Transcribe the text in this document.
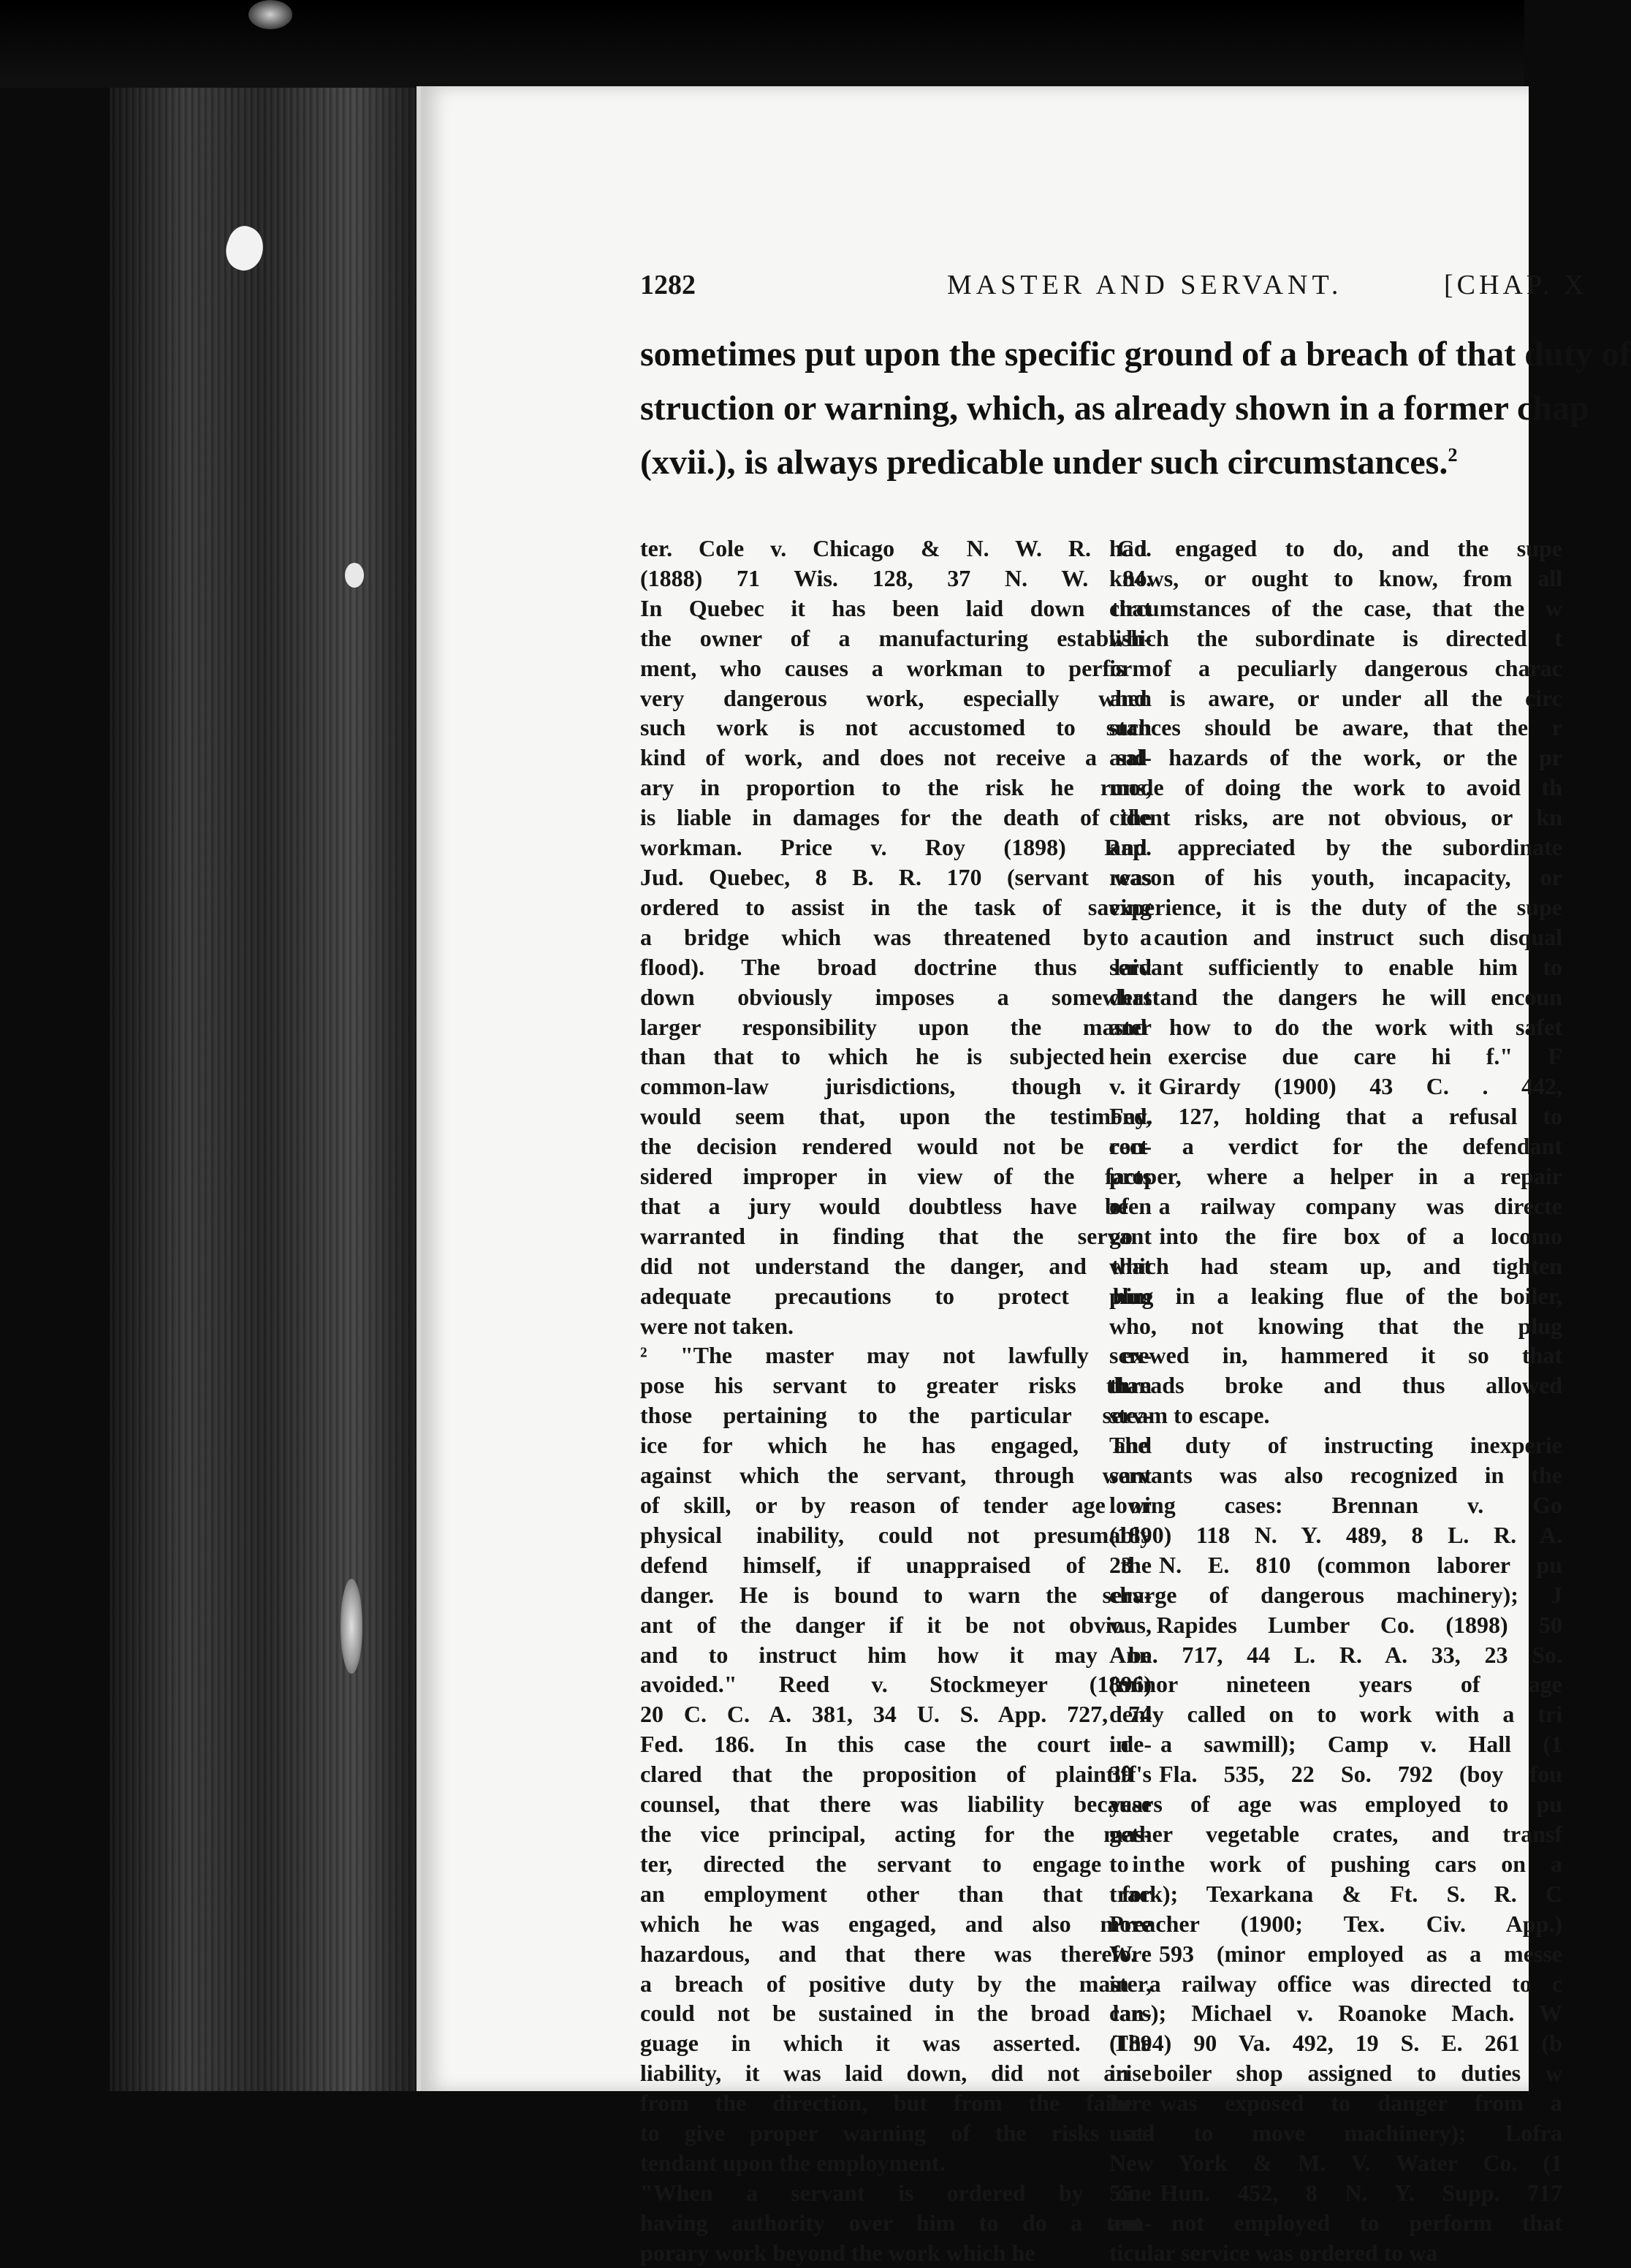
1282	MASTER AND SERVANT.	[CHAP. X
sometimes put upon the specific ground of a breach of that duty of
struction or warning, which, as already shown in a former chap
(xvii.), is always predicable under such circumstances.$^2$
ter. Cole v. Chicago & N. W. R. Co.
(1888) 71 Wis. 128, 37 N. W. 84.
In Quebec it has been laid down that
the owner of a manufacturing establish-
ment, who causes a workman to perform
very dangerous work, especially when
such work is not accustomed to such
kind of work, and does not receive a sal-
ary in proportion to the risk he runs,
is liable in damages for the death of the
workman. Price v. Roy (1898) Rap.
Jud. Quebec, 8 B. R. 170 (servant was
ordered to assist in the task of saving
a bridge which was threatened by a
flood). The broad doctrine thus laid
down obviously imposes a somewhat
larger responsibility upon the master
than that to which he is subjected in
common-law jurisdictions, though it
would seem that, upon the testimony,
the decision rendered would not be con-
sidered improper in view of the facts
that a jury would doubtless have been
warranted in finding that the servant
did not understand the danger, and that
adequate precautions to protect him
were not taken.
² "The master may not lawfully ex-
pose his servant to greater risks than
those pertaining to the particular serv-
ice for which he has engaged, and
against which the servant, through want
of skill, or by reason of tender age or
physical inability, could not presumably
defend himself, if unappraised of the
danger. He is bound to warn the serv-
ant of the danger if it be not obvious,
and to instruct him how it may be
avoided." Reed v. Stockmeyer (1896)
20 C. C. A. 381, 34 U. S. App. 727, 74
Fed. 186. In this case the court de-
clared that the proposition of plaintiff's
counsel, that there was liability because
the vice principal, acting for the mas-
ter, directed the servant to engage in
an employment other than that for
which he was engaged, and also more
hazardous, and that there was therefore
a breach of positive duty by the master,
could not be sustained in the broad lan-
guage in which it was asserted. The
liability, it was laid down, did not arise
from the direction, but from the failure
to give proper warning of the risks at-
tendant upon the employment.
"When a servant is ordered by one
having authority over him to do a tem-
porary work beyond the work which he
had engaged to do, and the supe
knows, or ought to know, from all
circumstances of the case, that the w
which the subordinate is directed t
is of a peculiarly dangerous charac
and is aware, or under all the circ
stances should be aware, that the r
and hazards of the work, or the pr
mode of doing the work to avoid th
cident risks, are not obvious, or kn
and appreciated by the subordinate
reason of his youth, incapacity, or
experience, it is the duty of the supe
to caution and instruct such disqual
servant sufficiently to enable him to
derstand the dangers he will encoun
and how to do the work with safet
he exercise due care hi f." F
v. Girardy (1900) 43 C. . 442,
Fed. 127, holding that a refusal to
rect a verdict for the defendant
proper, where a helper in a repair
of a railway company was directe
go into the fire box of a locomo
which had steam up, and tighten
plug in a leaking flue of the boiler,
who, not knowing that the plug
screwed in, hammered it so that
threads broke and thus allowed
steam to escape.
The duty of instructing inexperie
servants was also recognized in the
lowing cases: Brennan v. Go
(1890) 118 N. Y. 489, 8 L. R. A.
23 N. E. 810 (common laborer pu
charge of dangerous machinery); J
v. Rapides Lumber Co. (1898) 50
Ann. 717, 44 L. R. A. 33, 23 So.
(minor nineteen years of age
denly called on to work with a tri
in a sawmill); Camp v. Hall (1
39 Fla. 535, 22 So. 792 (boy fou
years of age was employed to pu
gether vegetable crates, and transf
to the work of pushing cars on a
track); Texarkana & Ft. S. R. C
Preacher (1900; Tex. Civ. App.)
W. 593 (minor employed as a messe
in a railway office was directed to c
cars); Michael v. Roanoke Mach. W
(1894) 90 Va. 492, 19 S. E. 261 (b
in boiler shop assigned to duties w
he was exposed to danger from a
used to move machinery); Lofra
New York & M. V. Water Co. (1
55 Hun. 452, 8 N. Y. Supp. 717
ant not employed to perform that
ticular service was ordered to wa
